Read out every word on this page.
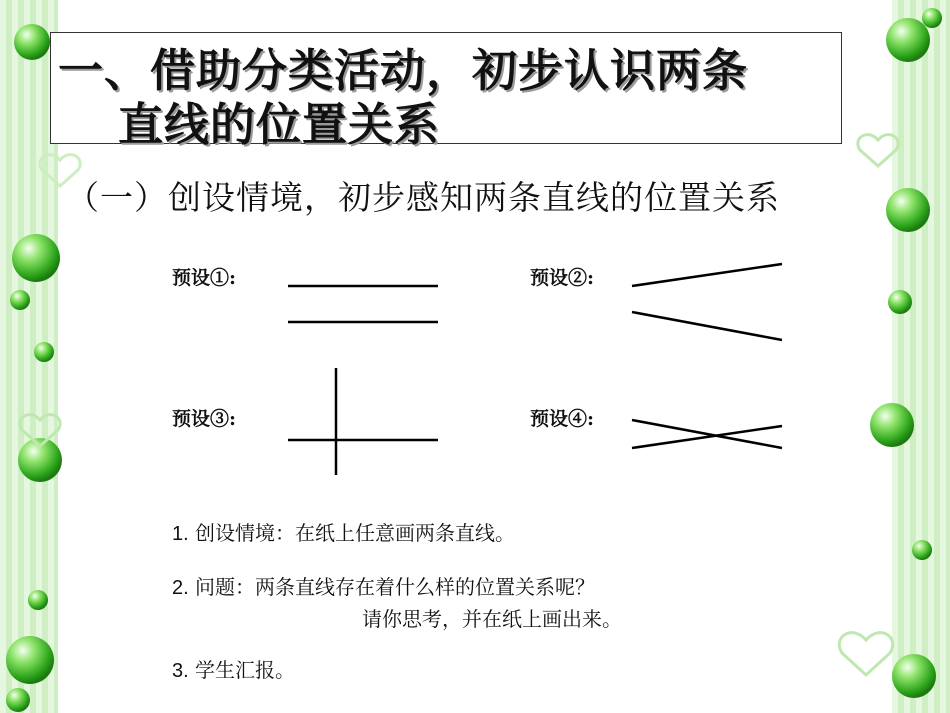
一、借助分类活动，初步认识两条
直线的位置关系
（一）创设情境，初步感知两条直线的位置关系
预设①:	预设②:
预设③:	预设④:
1. 创设情境：在纸上任意画两条直线。
2. 问题：两条直线存在着什么样的位置关系呢？
请你思考，并在纸上画出来。
3. 学生汇报。
